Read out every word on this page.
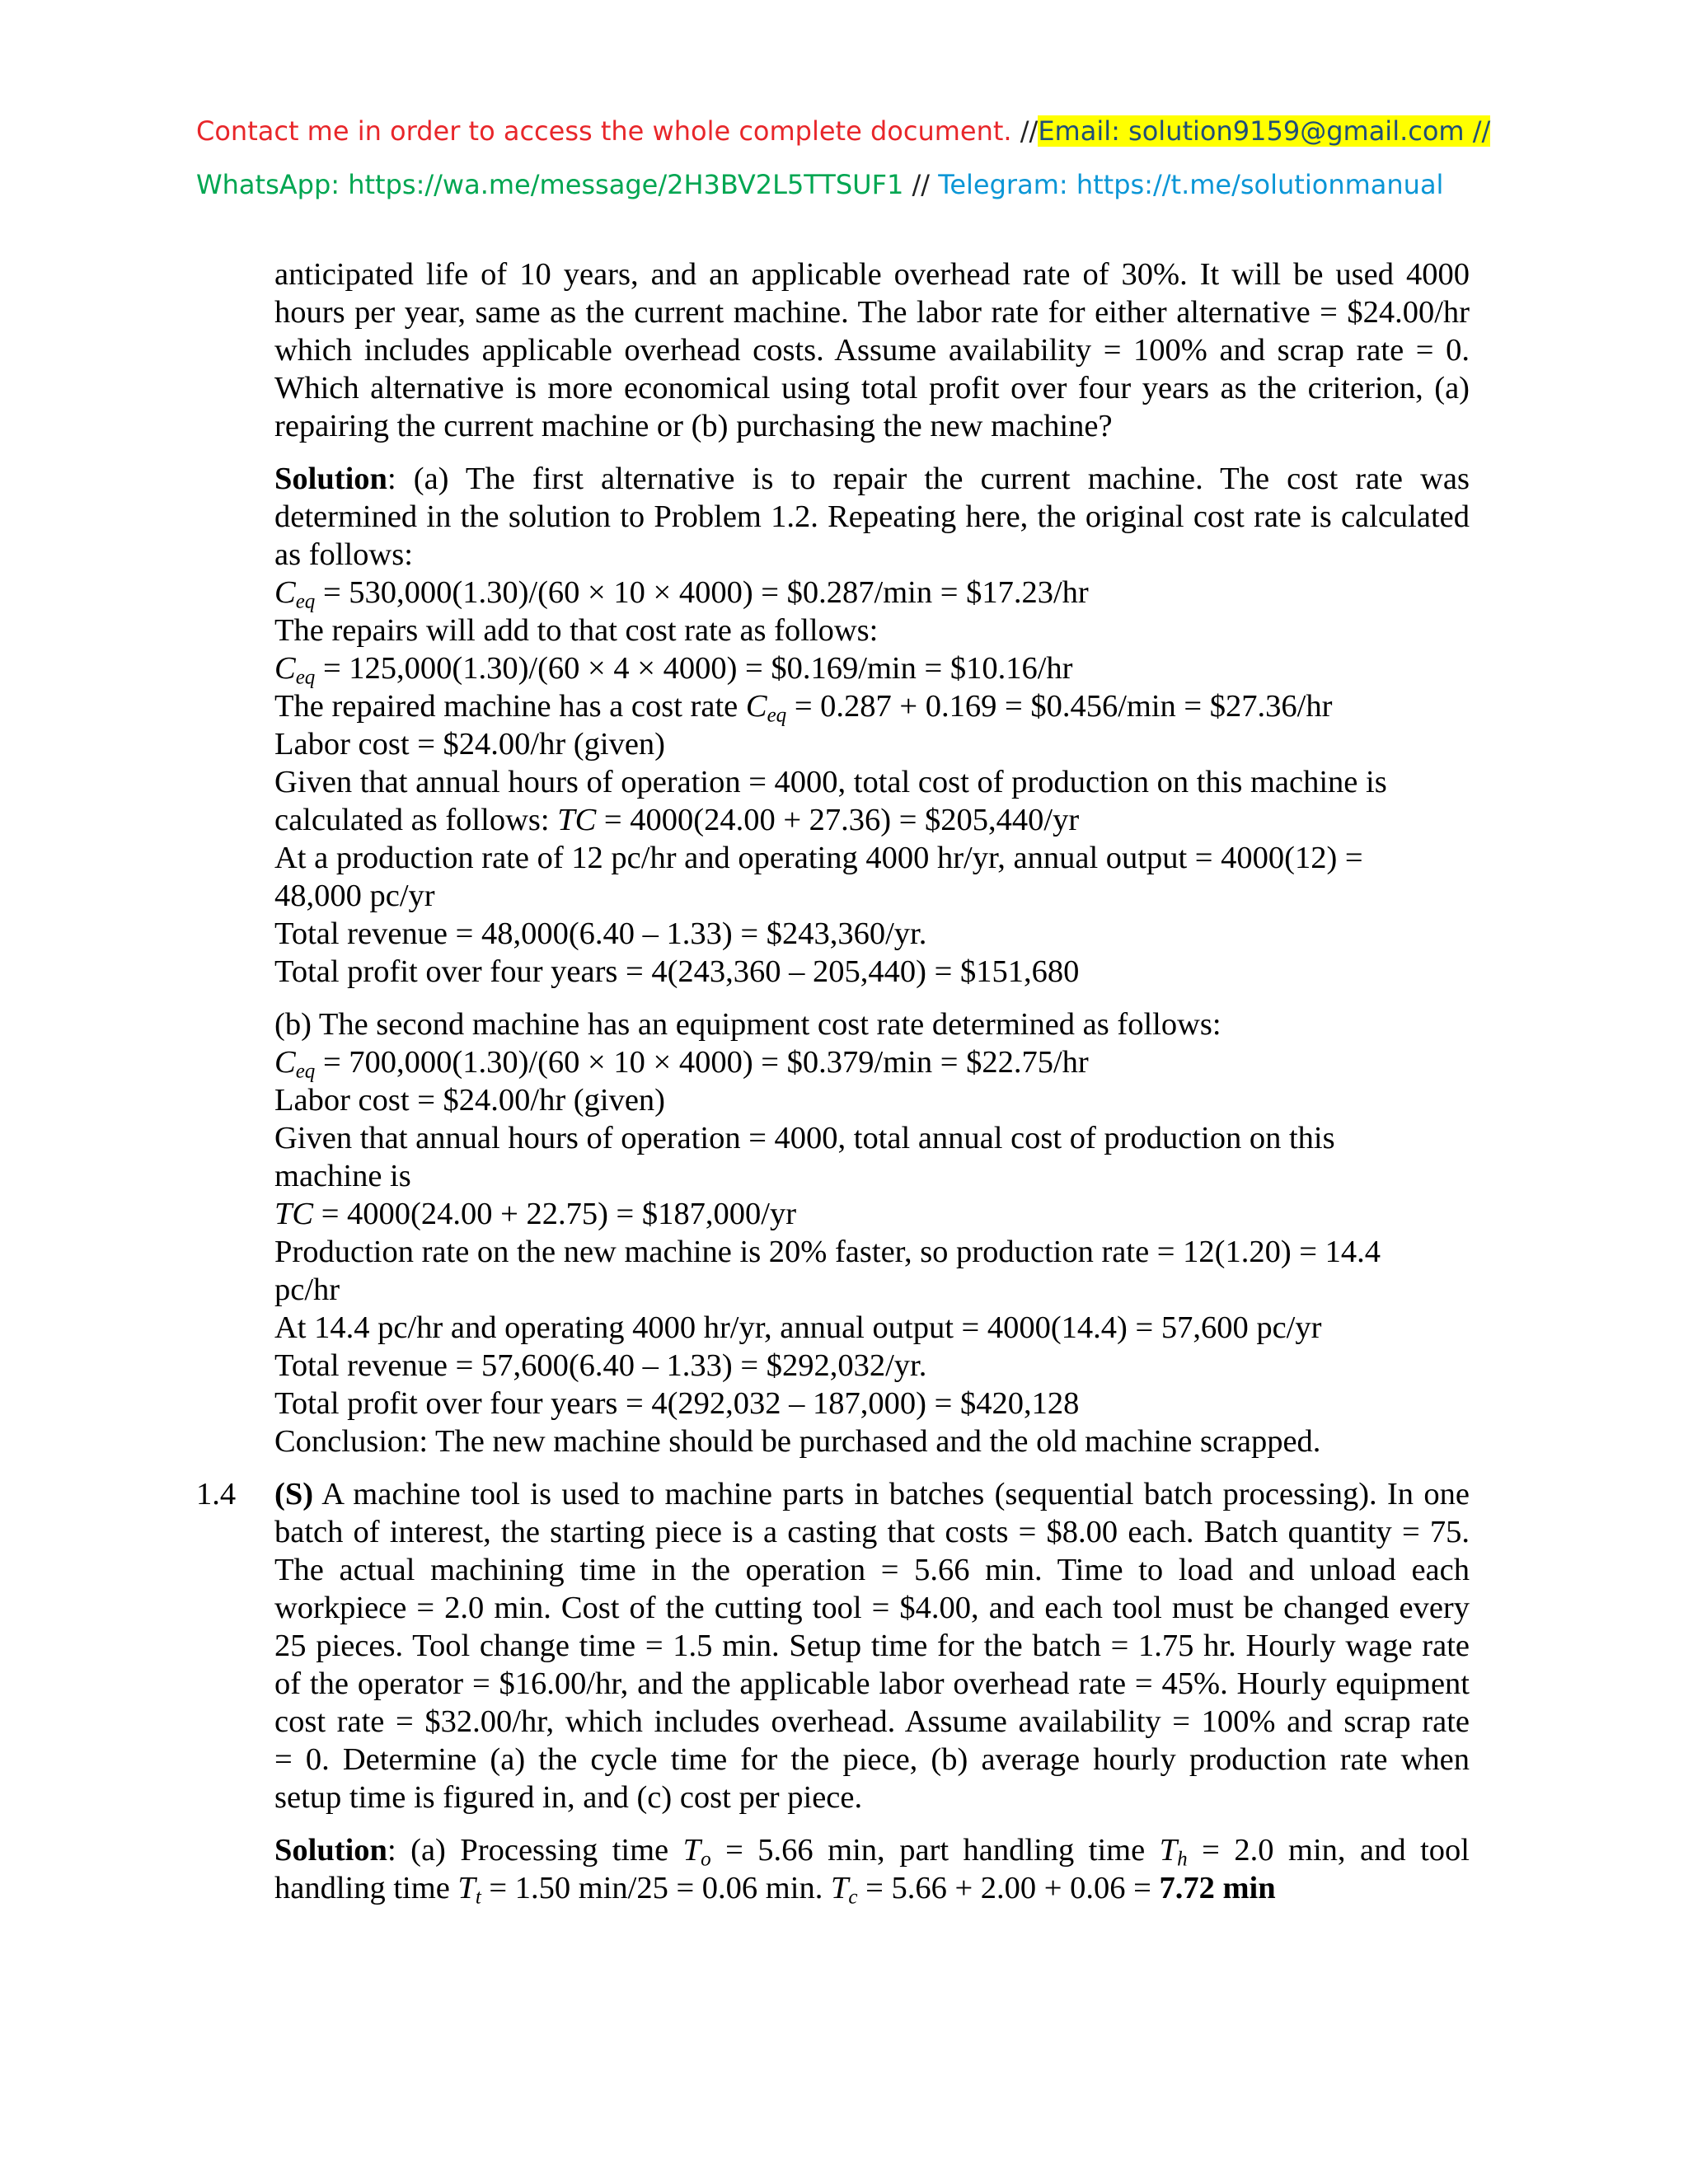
Contact me in order to access the whole complete document. //Email: solution9159@gmail.com //
WhatsApp: https://wa.me/message/2H3BV2L5TTSUF1 // Telegram: https://t.me/solutionmanual
anticipated life of 10 years, and an applicable overhead rate of 30%. It will be used 4000
hours per year, same as the current machine. The labor rate for either alternative = $24.00/hr
which includes applicable overhead costs. Assume availability = 100% and scrap rate = 0.
Which alternative is more economical using total profit over four years as the criterion, (a)
repairing the current machine or (b) purchasing the new machine?
Solution: (a) The first alternative is to repair the current machine. The cost rate was
determined in the solution to Problem 1.2. Repeating here, the original cost rate is calculated
as follows:
$C_{eq} = 530,000(1.30)/(60 \times 10 \times 4000)$ = $0.287/min = $17.23/hr
The repairs will add to that cost rate as follows:
$C_{eq} = 125,000(1.30)/(60 \times 4 \times 4000)$ = $0.169/min = $10.16/hr
The repaired machine has a cost rate $C_{eq} = 0.287 + 0.169$ = $0.456/min = $27.36/hr
Labor cost = $24.00/hr (given)
Given that annual hours of operation = 4000, total cost of production on this machine is
calculated as follows: TC = 4000(24.00 + 27.36) = $205,440/yr
At a production rate of 12 pc/hr and operating 4000 hr/yr, annual output = 4000(12) =
48,000 pc/yr
Total revenue = 48,000(6.40 – 1.33) = $243,360/yr.
Total profit over four years = 4(243,360 – 205,440) = $151,680
(b) The second machine has an equipment cost rate determined as follows:
$C_{eq} = 700,000(1.30)/(60 \times 10 \times 4000)$ = $0.379/min = $22.75/hr
Labor cost = $24.00/hr (given)
Given that annual hours of operation = 4000, total annual cost of production on this
machine is
TC = 4000(24.00 + 22.75) = $187,000/yr
Production rate on the new machine is 20% faster, so production rate = 12(1.20) = 14.4
pc/hr
At 14.4 pc/hr and operating 4000 hr/yr, annual output = 4000(14.4) = 57,600 pc/yr
Total revenue = 57,600(6.40 – 1.33) = $292,032/yr.
Total profit over four years = 4(292,032 – 187,000) = $420,128
Conclusion: The new machine should be purchased and the old machine scrapped.
(S) A machine tool is used to machine parts in batches (sequential batch processing). In one
batch of interest, the starting piece is a casting that costs = $8.00 each. Batch quantity = 75.
The actual machining time in the operation = 5.66 min. Time to load and unload each
workpiece = 2.0 min. Cost of the cutting tool = $4.00, and each tool must be changed every
25 pieces. Tool change time = 1.5 min. Setup time for the batch = 1.75 hr. Hourly wage rate
of the operator = $16.00/hr, and the applicable labor overhead rate = 45%. Hourly equipment
cost rate = $32.00/hr, which includes overhead. Assume availability = 100% and scrap rate
= 0. Determine (a) the cycle time for the piece, (b) average hourly production rate when
setup time is figured in, and (c) cost per piece.
Solution: (a) Processing time $T_o = 5.66$ min, part handling time $T_h = 2.0$ min, and tool
handling time $T_t = 1.50$ min/25 = 0.06 min. $T_c = 5.66 + 2.00 + 0.06 = 7.72$ min
1.4
